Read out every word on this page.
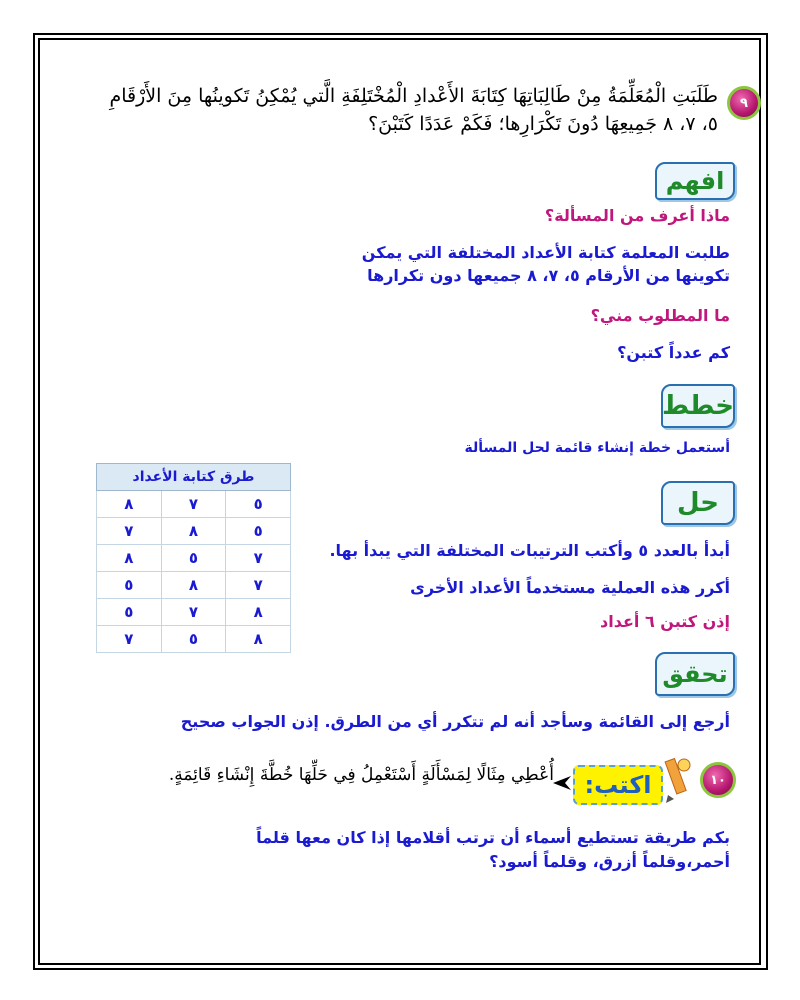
٩
طَلَبَتِ الْمُعَلِّمَةُ مِنْ طَالِبَاتِهَا كِتَابَةَ الأَعْدادِ الْمُخْتَلِفَةِ الَّتي يُمْكِنُ تَكوينُها مِنَ الأَرْقَامِ
٥، ٧، ٨ جَمِيعِهَا دُونَ تَكْرَارِها؛ فَكَمْ عَدَدًا كَتَبْنَ؟
افهم
ماذا أعرف من المسألة؟
طلبت المعلمة كتابة الأعداد المختلفة التي يمكن
تكوينها من الأرقام ٥، ٧، ٨ جميعها دون تكرارها
ما المطلوب مني؟
كم عدداً كتبن؟
خطط
أستعمل خطة إنشاء قائمة لحل المسألة
طرق كتابة الأعداد		
٨	٧	٥
٧	٨	٥
٨	٥	٧
٥	٨	٧
٥	٧	٨
٧	٥	٨
حل
أبدأ بالعدد ٥ وأكتب الترتيبات المختلفة التي يبدأ بها.
أكرر هذه العملية مستخدماً الأعداد الأخرى
إذن كتبن ٦ أعداد
تحقق
أرجع إلى القائمة وسأجد أنه لم تتكرر أي من الطرق. إذن الجواب صحيح
١٠
اكتب:
أُعْطِي مِثَالًا لِمَسْأَلَةٍ أَسْتَعْمِلُ فِي حَلِّهَا خُطَّةَ إِنْشَاءِ قَائِمَةٍ.
بكم طريقة تستطيع أسماء أن ترتب أقلامها إذا كان معها قلماً
أحمر،وقلماً أزرق، وقلماً أسود؟
